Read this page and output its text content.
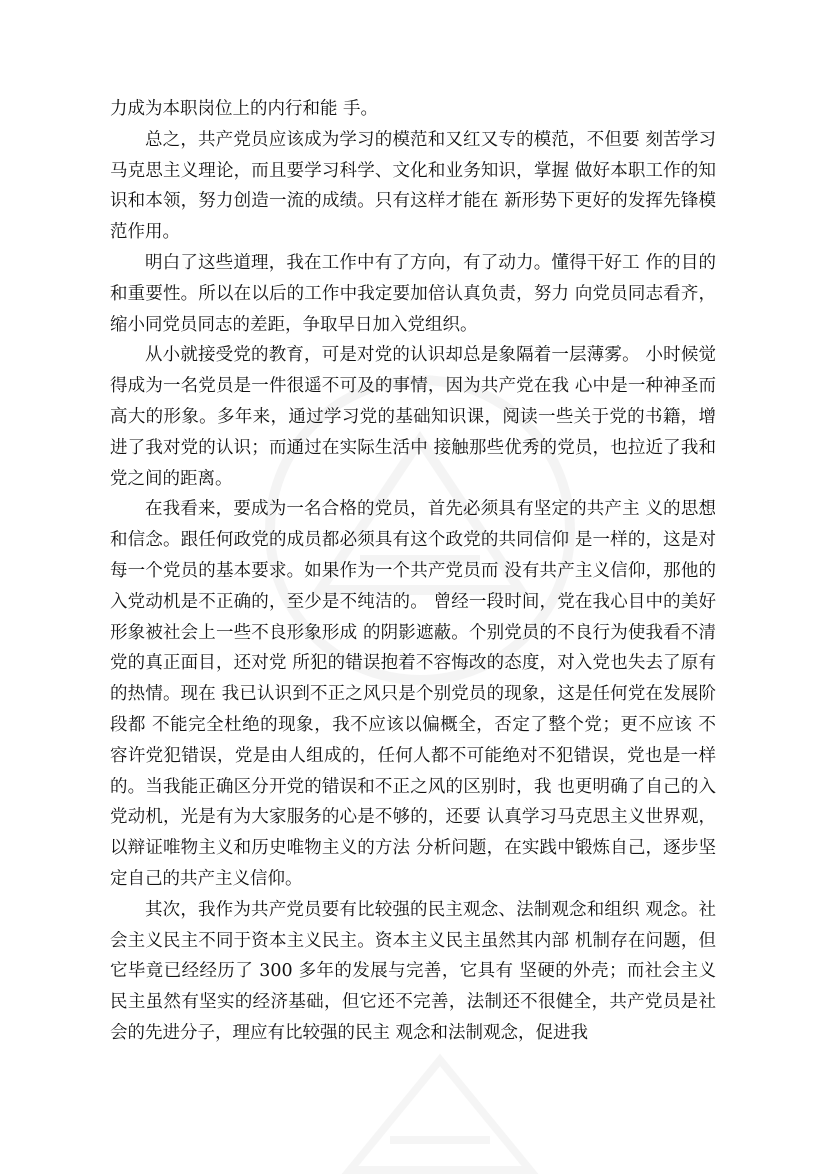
力成为本职岗位上的内行和能 手。

总之，共产党员应该成为学习的模范和又红又专的模范，不但要 刻苦学习马克思主义理论，而且要学习科学、文化和业务知识，掌握 做好本职工作的知识和本领，努力创造一流的成绩。只有这样才能在 新形势下更好的发挥先锋模范作用。

明白了这些道理，我在工作中有了方向，有了动力。懂得干好工 作的目的和重要性。所以在以后的工作中我定要加倍认真负责，努力 向党员同志看齐，缩小同党员同志的差距，争取早日加入党组织。

从小就接受党的教育，可是对党的认识却总是象隔着一层薄雾。 小时候觉得成为一名党员是一件很遥不可及的事情，因为共产党在我 心中是一种神圣而高大的形象。多年来，通过学习党的基础知识课，阅读一些关于党的书籍，增进了我对党的认识；而通过在实际生活中 接触那些优秀的党员，也拉近了我和党之间的距离。

在我看来，要成为一名合格的党员，首先必须具有坚定的共产主 义的思想和信念。跟任何政党的成员都必须具有这个政党的共同信仰 是一样的，这是对每一个党员的基本要求。如果作为一个共产党员而 没有共产主义信仰，那他的入党动机是不正确的，至少是不纯洁的。 曾经一段时间，党在我心目中的美好形象被社会上一些不良形象形成 的阴影遮蔽。个别党员的不良行为使我看不清党的真正面目，还对党 所犯的错误抱着不容悔改的态度，对入党也失去了原有的热情。现在 我已认识到不正之风只是个别党员的现象，这是任何党在发展阶段都 不能完全杜绝的现象，我不应该以偏概全，否定了整个党；更不应该 不容许党犯错误，党是由人组成的，任何人都不可能绝对不犯错误，党也是一样的。当我能正确区分开党的错误和不正之风的区别时，我 也更明确了自己的入党动机，光是有为大家服务的心是不够的，还要 认真学习马克思主义世界观，以辩证唯物主义和历史唯物主义的方法 分析问题，在实践中锻炼自己，逐步坚定自己的共产主义信仰。

其次，我作为共产党员要有比较强的民主观念、法制观念和组织 观念。社会主义民主不同于资本主义民主。资本主义民主虽然其内部 机制存在问题，但它毕竟已经经历了 300 多年的发展与完善，它具有 坚硬的外壳；而社会主义民主虽然有坚实的经济基础，但它还不完善，法制还不很健全，共产党员是社会的先进分子，理应有比较强的民主 观念和法制观念，促进我
